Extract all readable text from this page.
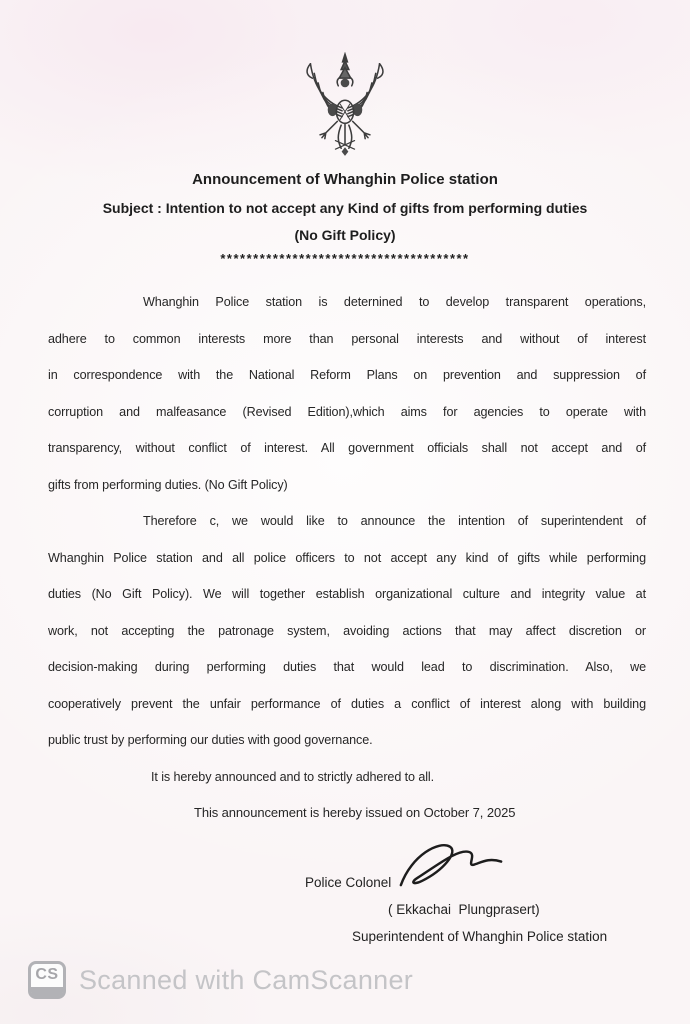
Announcement of Whanghin Police station
Subject : Intention to not accept any Kind of gifts from performing duties
(No Gift Policy)
**************************************
Whanghin Police station is deternined to develop transparent operations,
adhere to common interests more than personal interests and without of interest
in correspondence with the National Reform Plans on prevention and suppression of
corruption and malfeasance (Revised Edition),which aims for agencies to operate with
transparency, without conflict of interest. All government officials shall not accept and of
gifts from performing duties. (No Gift Policy)
Therefore c, we would like to announce the intention of superintendent of
Whanghin Police station and all police officers to not accept any kind of gifts while performing
duties (No Gift Policy). We will together establish organizational culture and integrity value at
work, not accepting the patronage system, avoiding actions that may affect discretion or
decision-making during performing duties that would lead to discrimination. Also, we
cooperatively prevent the unfair performance of duties a conflict of interest along with building
public trust by performing our duties with good governance.
It is hereby announced and to strictly adhered to all.
This announcement is hereby issued on October 7, 2025
Police Colonel
( Ekkachai  Plungprasert)
Superintendent of Whanghin Police station
CS Scanned with CamScanner
